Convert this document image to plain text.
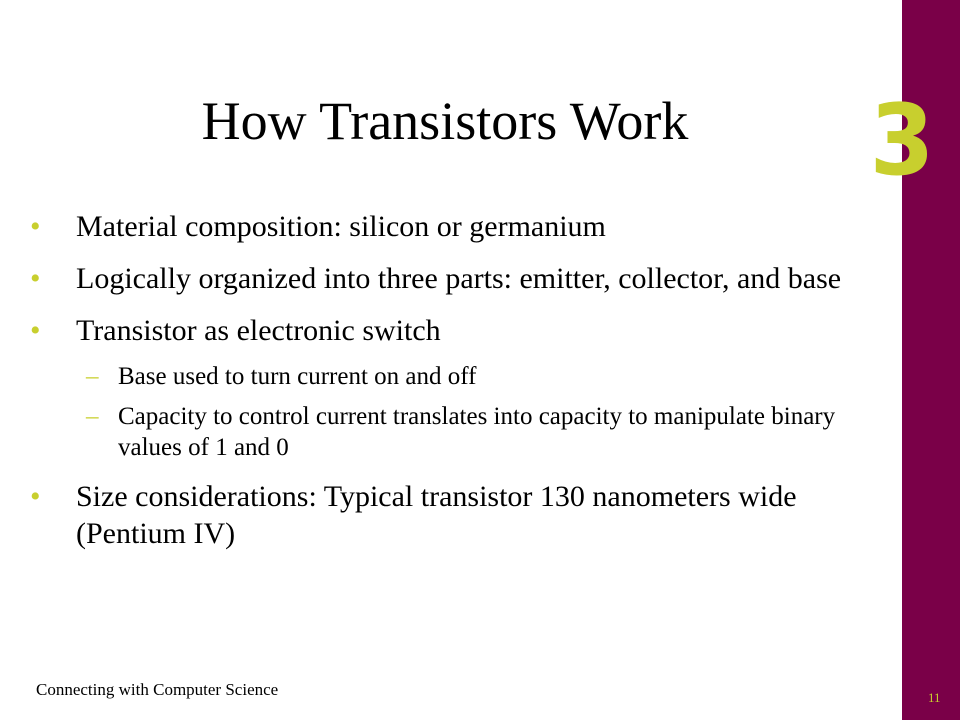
3
How Transistors Work
•	Material composition: silicon or germanium
•	Logically organized into three parts: emitter, collector, and base
•	Transistor as electronic switch
– Base used to turn current on and off
– Capacity to control current translates into capacity to manipulate binary values of 1 and 0
•	Size considerations: Typical transistor 130 nanometers wide (Pentium IV)
Connecting with Computer Science	11
